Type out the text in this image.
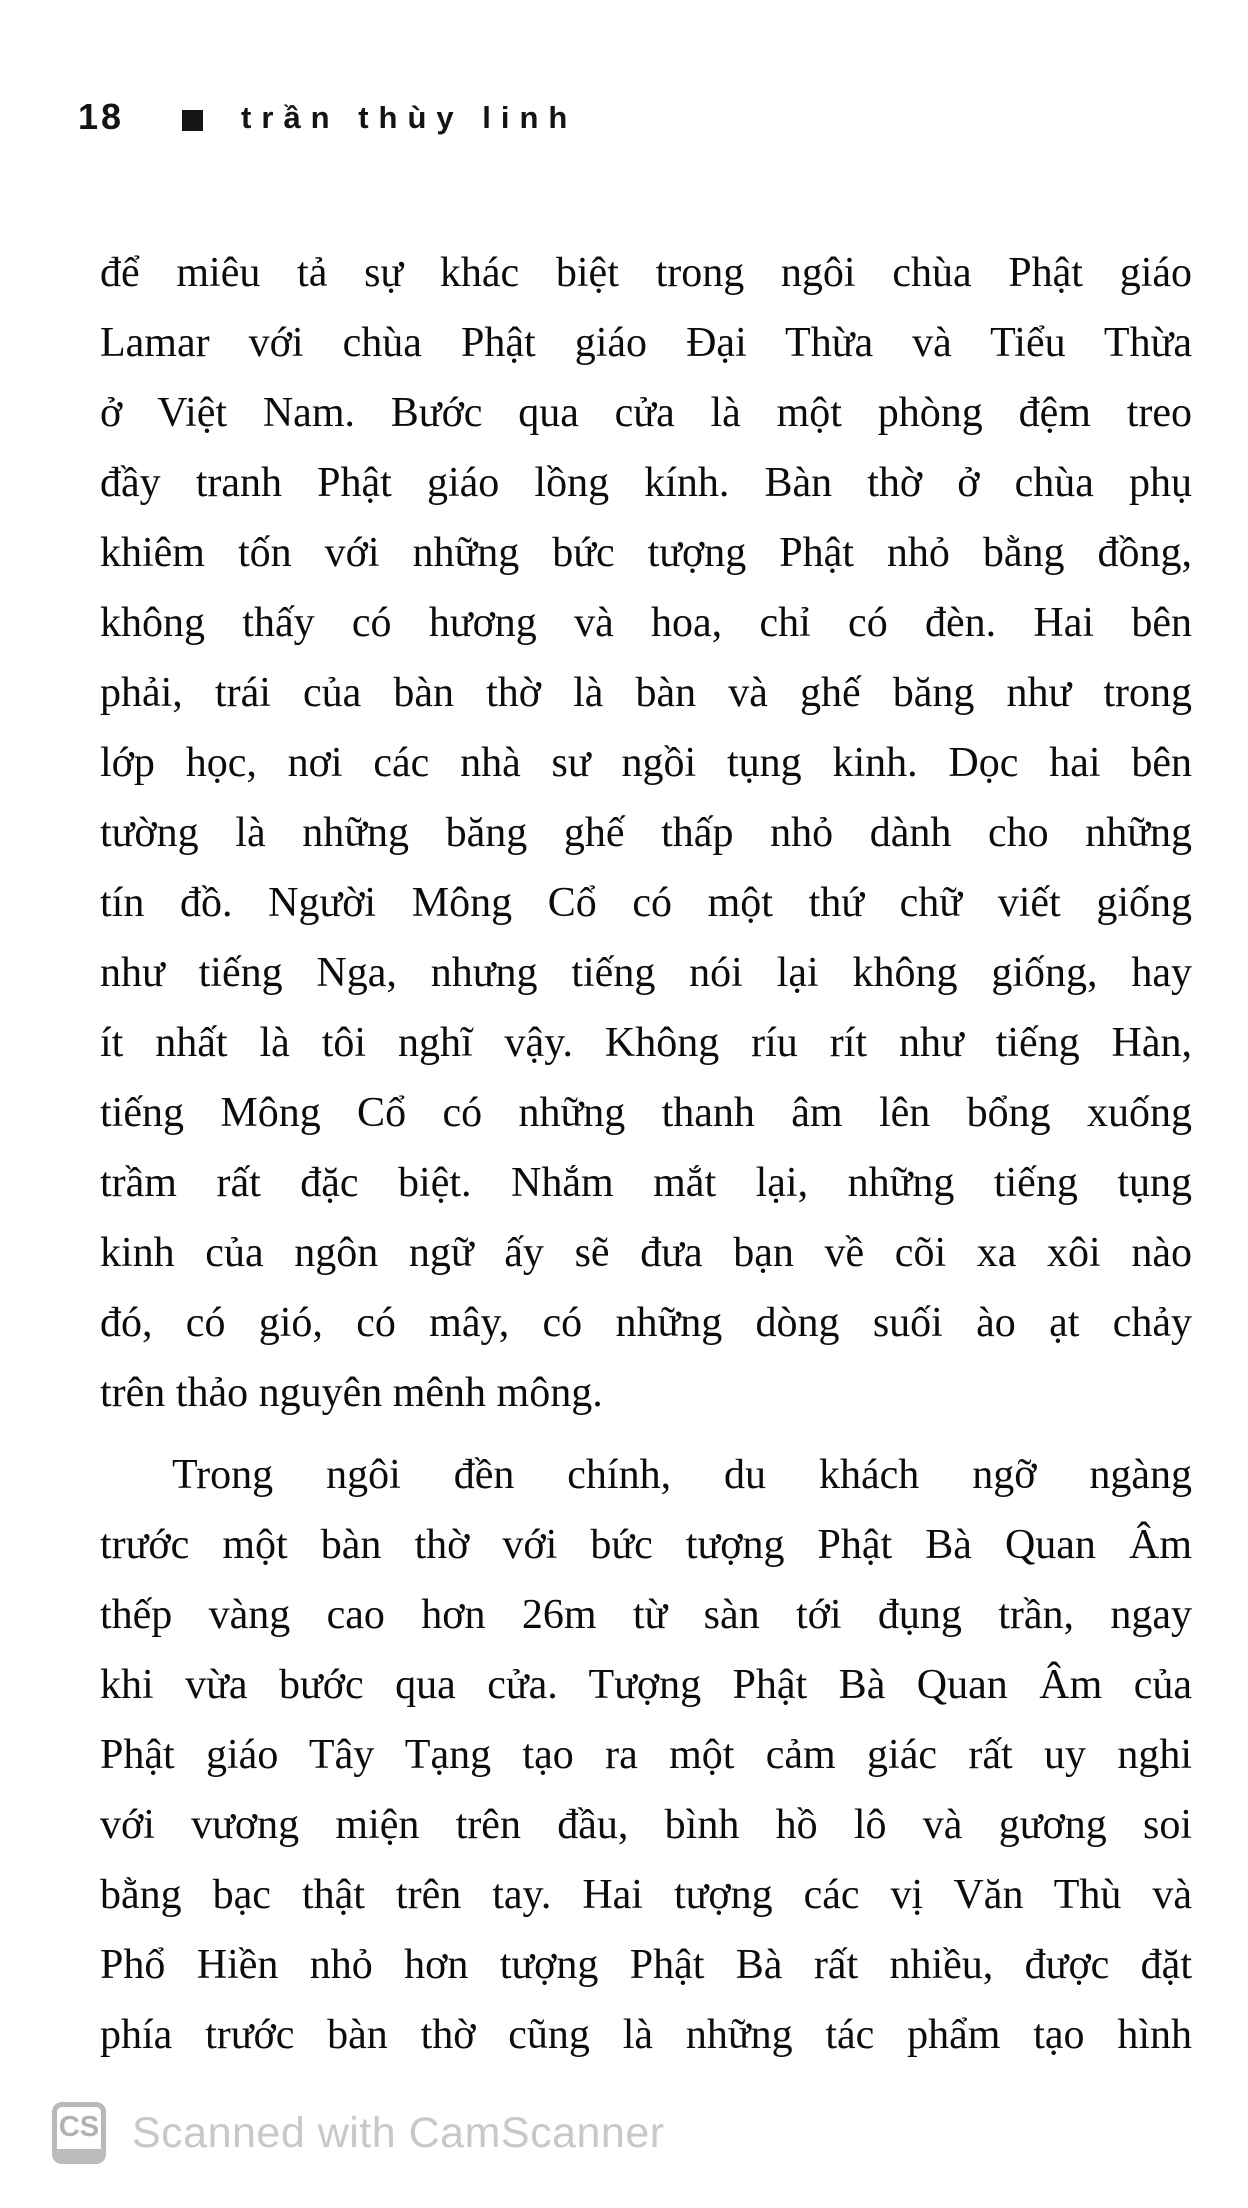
18	trần thùy linh
để miêu tả sự khác biệt trong ngôi chùa Phật giáo
Lamar với chùa Phật giáo Đại Thừa và Tiểu Thừa
ở Việt Nam. Bước qua cửa là một phòng đệm treo
đầy tranh Phật giáo lồng kính. Bàn thờ ở chùa phụ
khiêm tốn với những bức tượng Phật nhỏ bằng đồng,
không thấy có hương và hoa, chỉ có đèn. Hai bên
phải, trái của bàn thờ là bàn và ghế băng như trong
lớp học, nơi các nhà sư ngồi tụng kinh. Dọc hai bên
tường là những băng ghế thấp nhỏ dành cho những
tín đồ. Người Mông Cổ có một thứ chữ viết giống
như tiếng Nga, nhưng tiếng nói lại không giống, hay
ít nhất là tôi nghĩ vậy. Không ríu rít như tiếng Hàn,
tiếng Mông Cổ có những thanh âm lên bổng xuống
trầm rất đặc biệt. Nhắm mắt lại, những tiếng tụng
kinh của ngôn ngữ ấy sẽ đưa bạn về cõi xa xôi nào
đó, có gió, có mây, có những dòng suối ào ạt chảy
trên thảo nguyên mênh mông.
Trong ngôi đền chính, du khách ngỡ ngàng
trước một bàn thờ với bức tượng Phật Bà Quan Âm
thếp vàng cao hơn 26m từ sàn tới đụng trần, ngay
khi vừa bước qua cửa. Tượng Phật Bà Quan Âm của
Phật giáo Tây Tạng tạo ra một cảm giác rất uy nghi
với vương miện trên đầu, bình hồ lô và gương soi
bằng bạc thật trên tay. Hai tượng các vị Văn Thù và
Phổ Hiền nhỏ hơn tượng Phật Bà rất nhiều, được đặt
phía trước bàn thờ cũng là những tác phẩm tạo hình
CS Scanned with CamScanner
